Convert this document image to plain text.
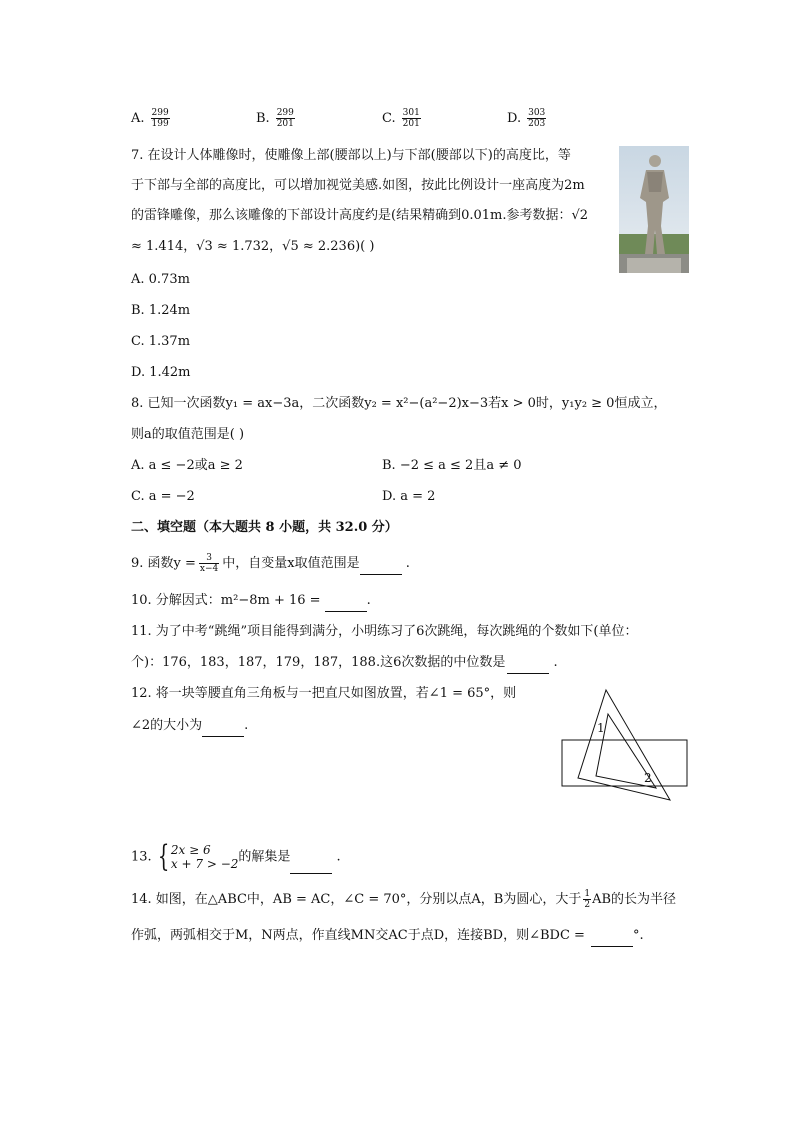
A. $\frac{299}{199}$	B. $\frac{299}{201}$	C. $\frac{301}{201}$	D. $\frac{303}{203}$
7. 在设计人体雕像时，使雕像上部(腰部以上)与下部(腰部以下)的高度比，等
于下部与全部的高度比，可以增加视觉美感.如图，按此比例设计一座高度为2m
的雷锋雕像，那么该雕像的下部设计高度约是(结果精确到0.01m.参考数据：√2
≈ 1.414，√3 ≈ 1.732，√5 ≈ 2.236)( )
A. 0.73m
B. 1.24m
C. 1.37m
D. 1.42m
8. 已知一次函数y₁ = ax−3a，二次函数y₂ = x²−(a²−2)x−3若x > 0时，y₁y₂ ≥ 0恒成立，
则a的取值范围是( )
A. a ≤ −2或a ≥ 2	B. −2 ≤ a ≤ 2且a ≠ 0
C. a = −2	D. a = 2
二、填空题（本大题共 8 小题，共 32.0 分）
9. 函数$y = \frac{3}{x-4}$ 中，自变量x取值范围是	.
10. 分解因式：m²−8m + 16 =	.
11. 为了中考“跳绳”项目能得到满分，小明练习了6次跳绳，每次跳绳的个数如下(单位：
个)：176，183，187，179，187，188.这6次数据的中位数是	.
12. 将一块等腰直角三角板与一把直尺如图放置，若∠1 = 65°，则
∠2的大小为	.	1
2
13. { 2x ≥ 6
x + 7 > −2 的解集是	.
14. 如图，在△ABC中，AB = AC，∠C = 70°，分别以点A，B为圆心，大于 $\frac{1}{2}$ AB的长为半径
作弧，两弧相交于M，N两点，作直线MN交AC于点D，连接BD，则∠BDC =	°.
